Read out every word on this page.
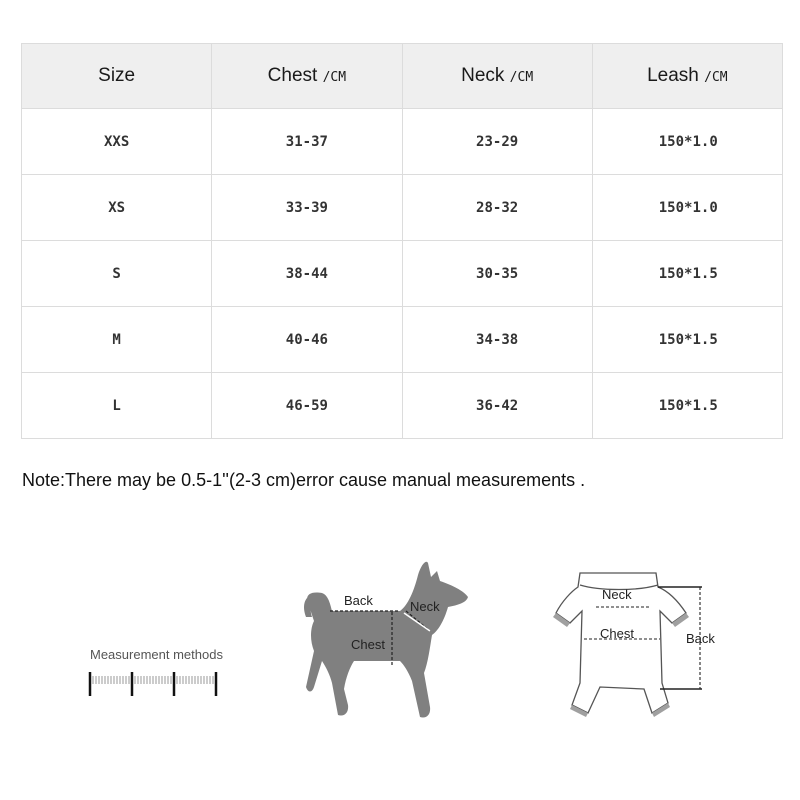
Size	Chest /CM	Neck /CM	Leash /CM
XXS	31-37	23-29	150*1.0
XS	33-39	28-32	150*1.0
S	38-44	30-35	150*1.5
M	40-46	34-38	150*1.5
L	46-59	36-42	150*1.5
Note:There may be 0.5-1''(2-3 cm)error cause manual measurements .
Measurement methods
Back	Neck
Chest
Neck
Chest	Back
